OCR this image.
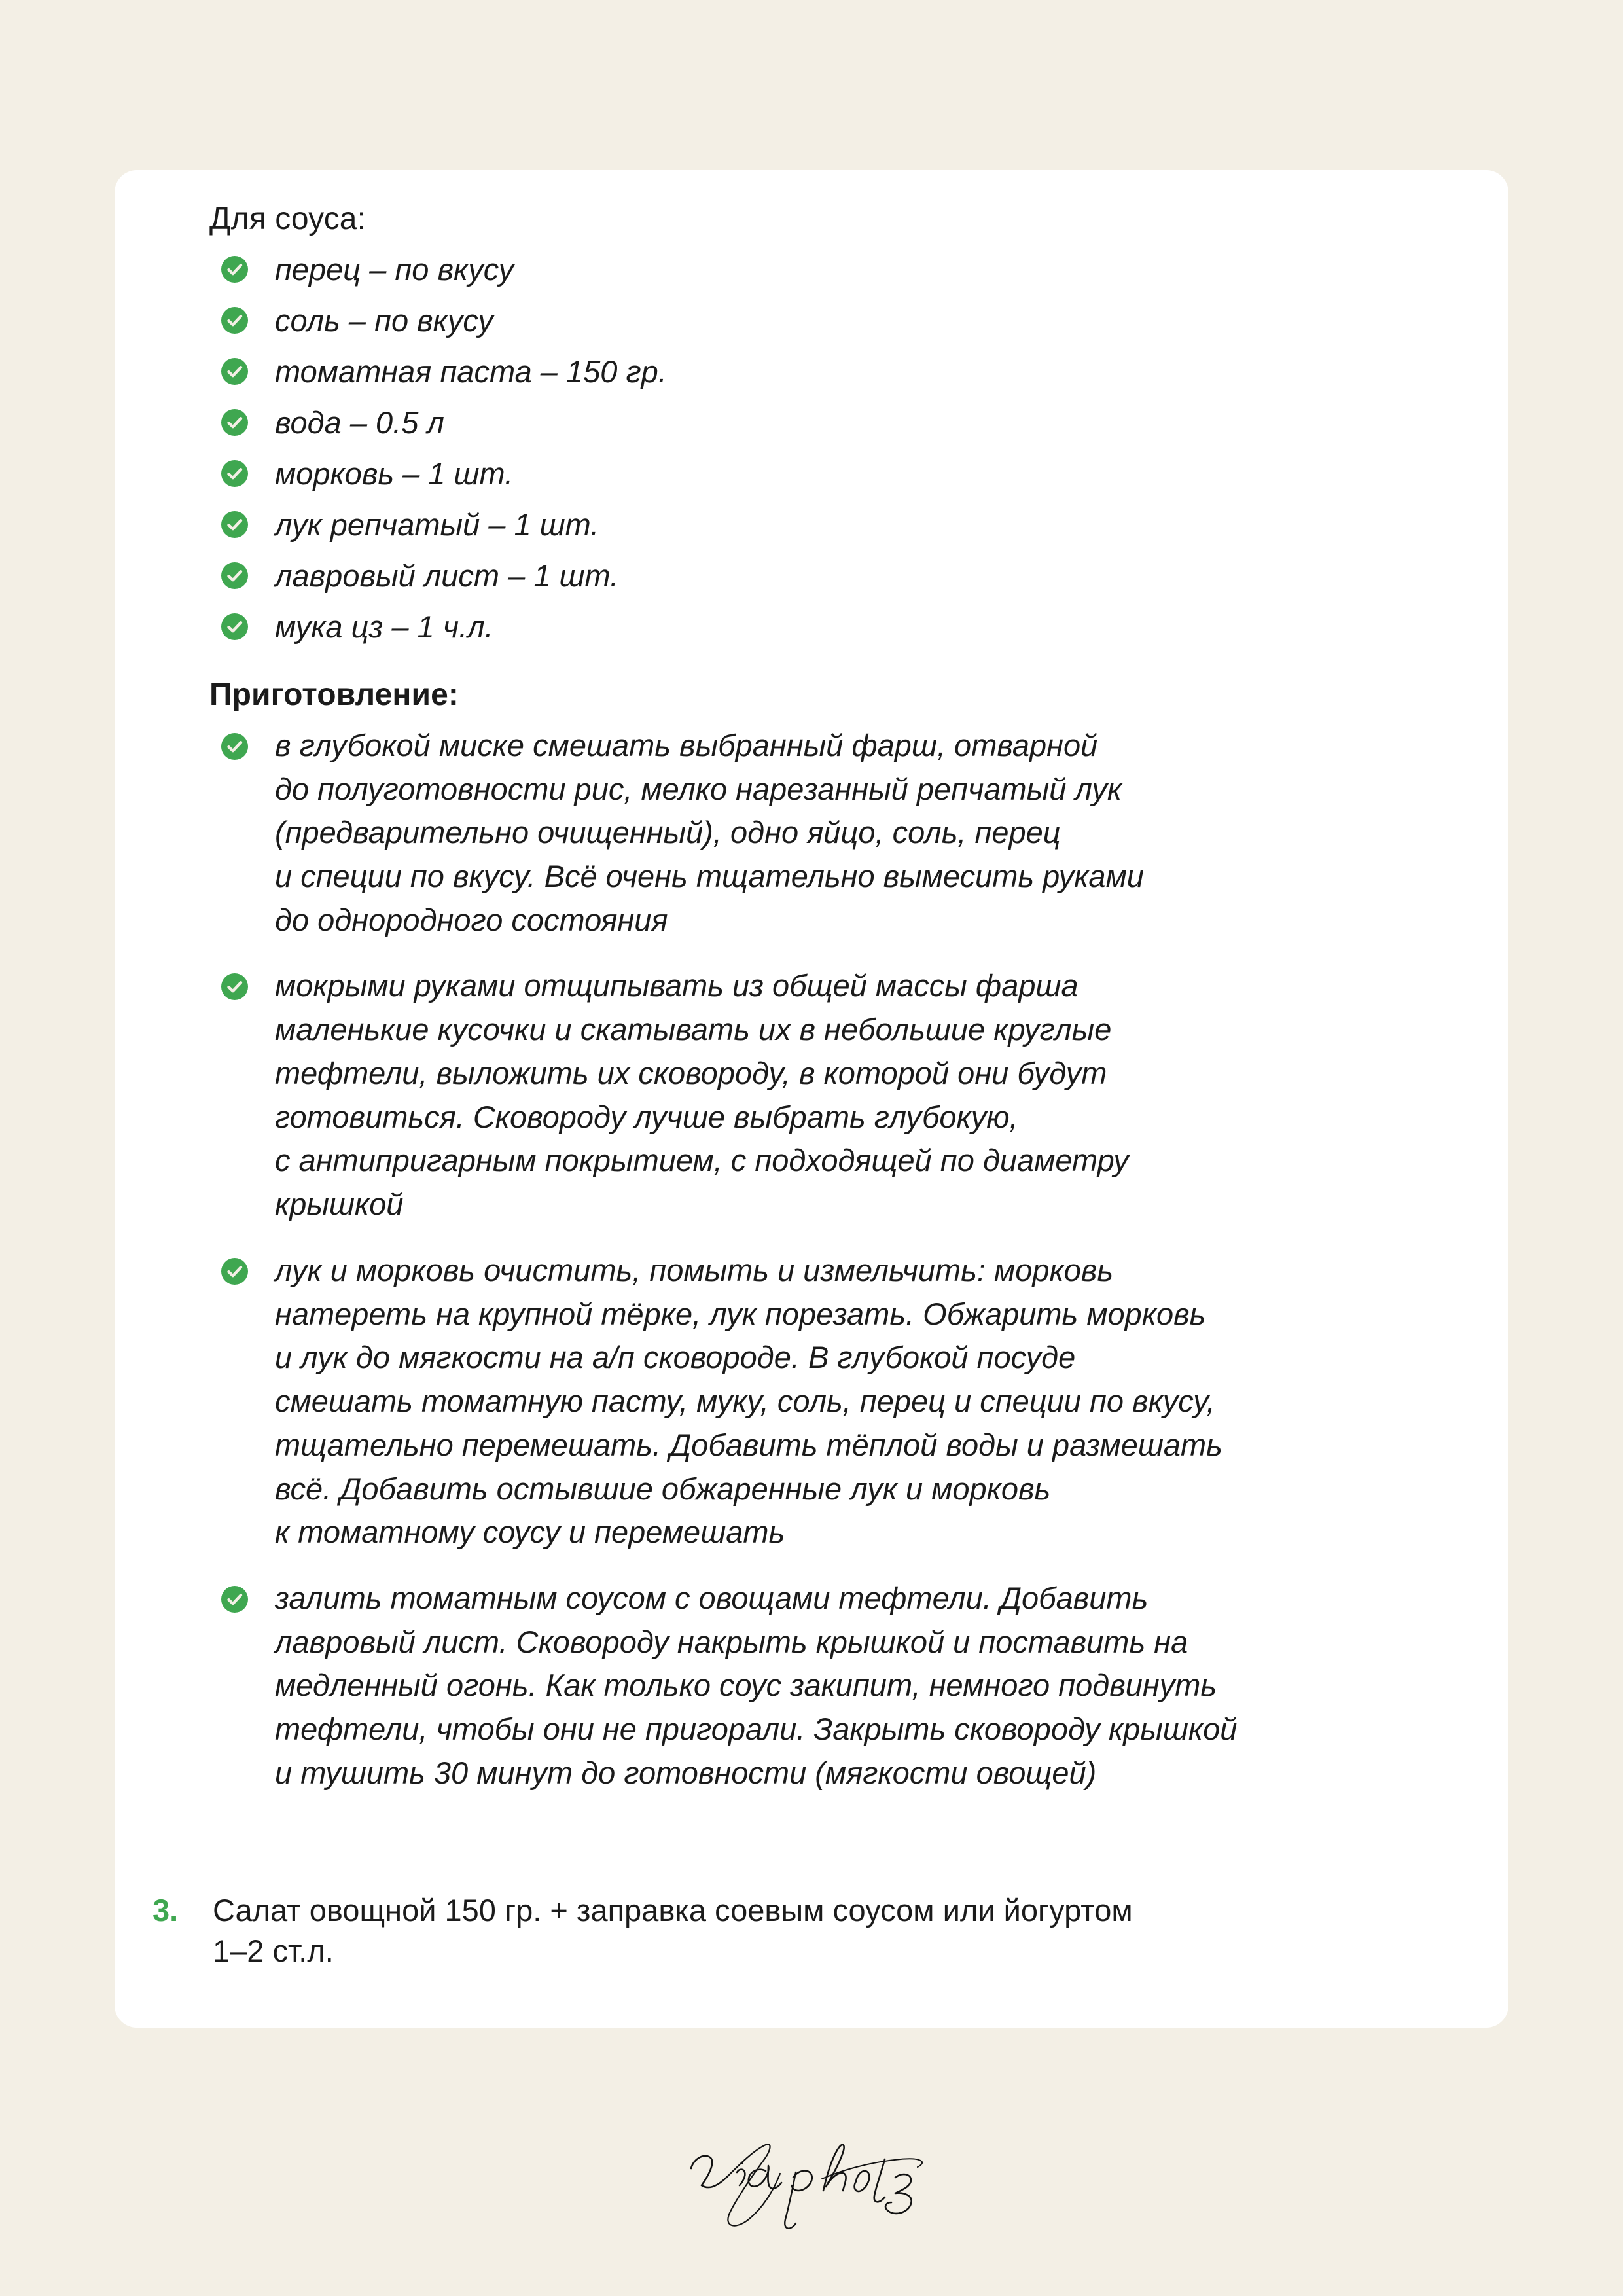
Для соуса:
перец – по вкусу
соль – по вкусу
томатная паста – 150 гр.
вода – 0.5 л
морковь – 1 шт.
лук репчатый – 1 шт.
лавровый лист – 1 шт.
мука цз – 1 ч.л.
Приготовление:
в глубокой миске смешать выбранный фарш, отварной
до полуготовности рис, мелко нарезанный репчатый лук
(предварительно очищенный), одно яйцо, соль, перец
и специи по вкусу. Всё очень тщательно вымесить руками
до однородного состояния
мокрыми руками отщипывать из общей массы фарша
маленькие кусочки и скатывать их в небольшие круглые
тефтели, выложить их сковороду, в которой они будут
готовиться. Сковороду лучше выбрать глубокую,
с антипригарным покрытием, с подходящей по диаметру
крышкой
лук и морковь очистить, помыть и измельчить: морковь
натереть на крупной тёрке, лук порезать. Обжарить морковь
и лук до мягкости на а/п сковороде. В глубокой посуде
смешать томатную пасту, муку, соль, перец и специи по вкусу,
тщательно перемешать. Добавить тёплой воды и размешать
всё. Добавить остывшие обжаренные лук и морковь
к томатному соусу и перемешать
залить томатным соусом с овощами тефтели. Добавить
лавровый лист. Сковороду накрыть крышкой и поставить на
медленный огонь. Как только соус закипит, немного подвинуть
тефтели, чтобы они не пригорали. Закрыть сковороду крышкой
и тушить 30 минут до готовности (мягкости овощей)
3. Салат овощной 150 гр. + заправка соевым соусом или йогуртом
1–2 ст.л.
